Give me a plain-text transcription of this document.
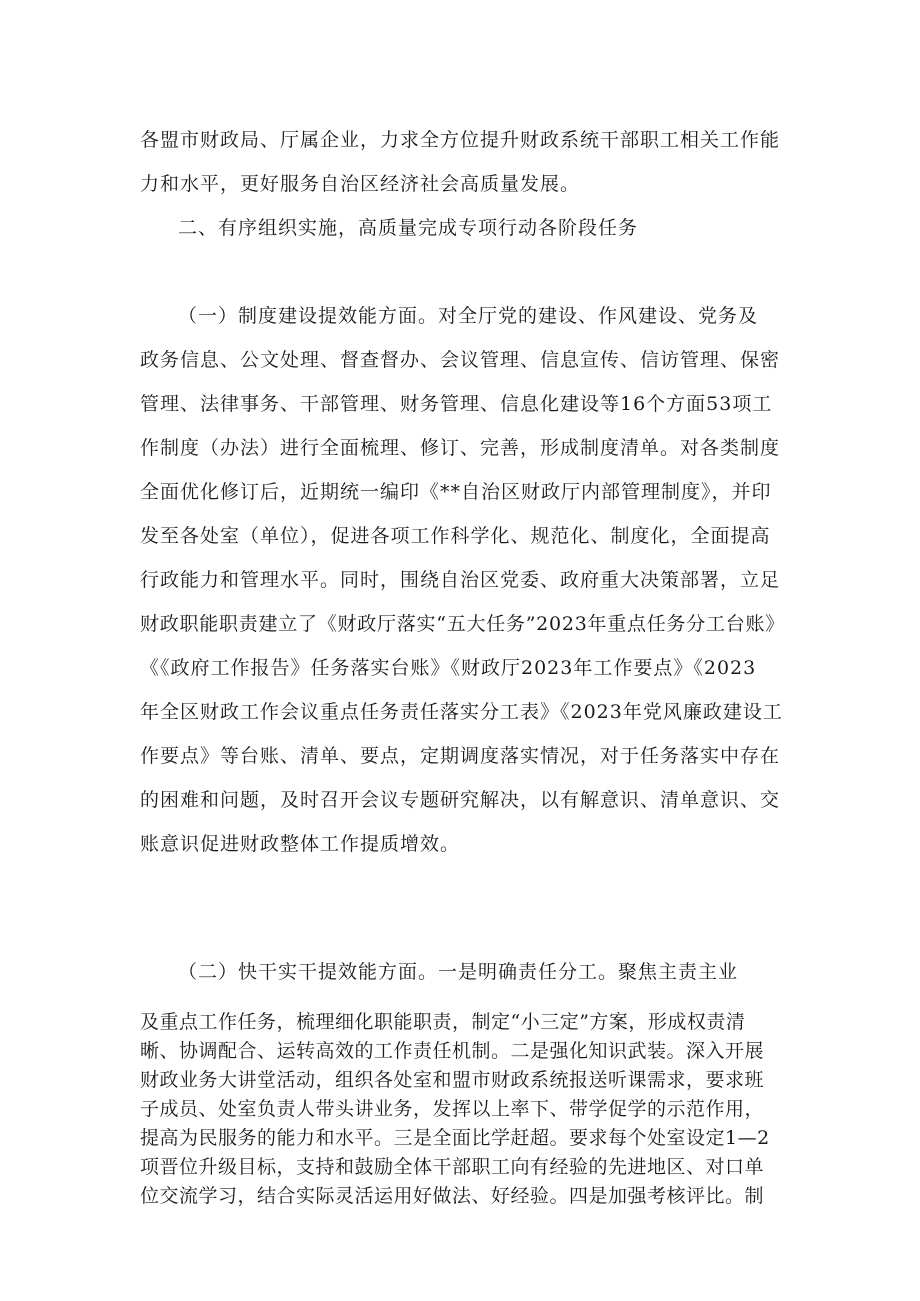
各盟市财政局、厅属企业，力求全方位提升财政系统干部职工相关工作能
力和水平，更好服务自治区经济社会高质量发展。
二、有序组织实施，高质量完成专项行动各阶段任务
（一）制度建设提效能方面。对全厅党的建设、作风建设、党务及
政务信息、公文处理、督查督办、会议管理、信息宣传、信访管理、保密
管理、法律事务、干部管理、财务管理、信息化建设等16个方面53项工
作制度（办法）进行全面梳理、修订、完善，形成制度清单。对各类制度
全面优化修订后，近期统一编印《**自治区财政厅内部管理制度》，并印
发至各处室（单位），促进各项工作科学化、规范化、制度化，全面提高
行政能力和管理水平。同时，围绕自治区党委、政府重大决策部署，立足
财政职能职责建立了《财政厅落实“五大任务”2023年重点任务分工台账》
《《政府工作报告》任务落实台账》《财政厅2023年工作要点》《2023
年全区财政工作会议重点任务责任落实分工表》《2023年党风廉政建设工
作要点》等台账、清单、要点，定期调度落实情况，对于任务落实中存在
的困难和问题，及时召开会议专题研究解决，以有解意识、清单意识、交
账意识促进财政整体工作提质增效。
（二）快干实干提效能方面。一是明确责任分工。聚焦主责主业
及重点工作任务，梳理细化职能职责，制定“小三定”方案，形成权责清
晰、协调配合、运转高效的工作责任机制。二是强化知识武装。深入开展
财政业务大讲堂活动，组织各处室和盟市财政系统报送听课需求，要求班
子成员、处室负责人带头讲业务，发挥以上率下、带学促学的示范作用，
提高为民服务的能力和水平。三是全面比学赶超。要求每个处室设定1—2
项晋位升级目标，支持和鼓励全体干部职工向有经验的先进地区、对口单
位交流学习，结合实际灵活运用好做法、好经验。四是加强考核评比。制
